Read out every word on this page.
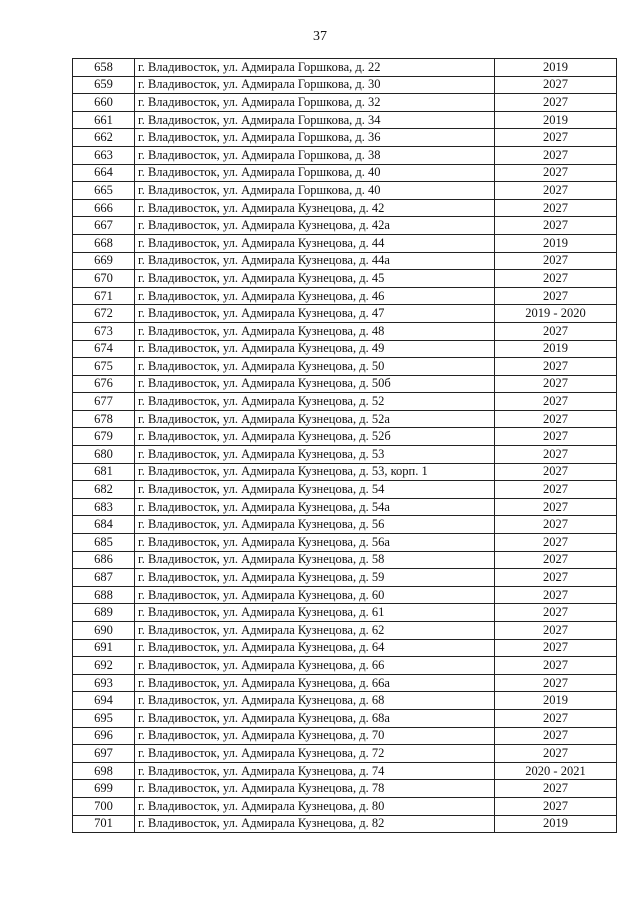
37
658	г. Владивосток, ул. Адмирала Горшкова, д. 22	2019
659	г. Владивосток, ул. Адмирала Горшкова, д. 30	2027
660	г. Владивосток, ул. Адмирала Горшкова, д. 32	2027
661	г. Владивосток, ул. Адмирала Горшкова, д. 34	2019
662	г. Владивосток, ул. Адмирала Горшкова, д. 36	2027
663	г. Владивосток, ул. Адмирала Горшкова, д. 38	2027
664	г. Владивосток, ул. Адмирала Горшкова, д. 40	2027
665	г. Владивосток, ул. Адмирала Горшкова, д. 40	2027
666	г. Владивосток, ул. Адмирала Кузнецова, д. 42	2027
667	г. Владивосток, ул. Адмирала Кузнецова, д. 42а	2027
668	г. Владивосток, ул. Адмирала Кузнецова, д. 44	2019
669	г. Владивосток, ул. Адмирала Кузнецова, д. 44а	2027
670	г. Владивосток, ул. Адмирала Кузнецова, д. 45	2027
671	г. Владивосток, ул. Адмирала Кузнецова, д. 46	2027
672	г. Владивосток, ул. Адмирала Кузнецова, д. 47	2019 - 2020
673	г. Владивосток, ул. Адмирала Кузнецова, д. 48	2027
674	г. Владивосток, ул. Адмирала Кузнецова, д. 49	2019
675	г. Владивосток, ул. Адмирала Кузнецова, д. 50	2027
676	г. Владивосток, ул. Адмирала Кузнецова, д. 50б	2027
677	г. Владивосток, ул. Адмирала Кузнецова, д. 52	2027
678	г. Владивосток, ул. Адмирала Кузнецова, д. 52а	2027
679	г. Владивосток, ул. Адмирала Кузнецова, д. 52б	2027
680	г. Владивосток, ул. Адмирала Кузнецова, д. 53	2027
681	г. Владивосток, ул. Адмирала Кузнецова, д. 53, корп. 1	2027
682	г. Владивосток, ул. Адмирала Кузнецова, д. 54	2027
683	г. Владивосток, ул. Адмирала Кузнецова, д. 54а	2027
684	г. Владивосток, ул. Адмирала Кузнецова, д. 56	2027
685	г. Владивосток, ул. Адмирала Кузнецова, д. 56а	2027
686	г. Владивосток, ул. Адмирала Кузнецова, д. 58	2027
687	г. Владивосток, ул. Адмирала Кузнецова, д. 59	2027
688	г. Владивосток, ул. Адмирала Кузнецова, д. 60	2027
689	г. Владивосток, ул. Адмирала Кузнецова, д. 61	2027
690	г. Владивосток, ул. Адмирала Кузнецова, д. 62	2027
691	г. Владивосток, ул. Адмирала Кузнецова, д. 64	2027
692	г. Владивосток, ул. Адмирала Кузнецова, д. 66	2027
693	г. Владивосток, ул. Адмирала Кузнецова, д. 66а	2027
694	г. Владивосток, ул. Адмирала Кузнецова, д. 68	2019
695	г. Владивосток, ул. Адмирала Кузнецова, д. 68а	2027
696	г. Владивосток, ул. Адмирала Кузнецова, д. 70	2027
697	г. Владивосток, ул. Адмирала Кузнецова, д. 72	2027
698	г. Владивосток, ул. Адмирала Кузнецова, д. 74	2020 - 2021
699	г. Владивосток, ул. Адмирала Кузнецова, д. 78	2027
700	г. Владивосток, ул. Адмирала Кузнецова, д. 80	2027
701	г. Владивосток, ул. Адмирала Кузнецова, д. 82	2019
